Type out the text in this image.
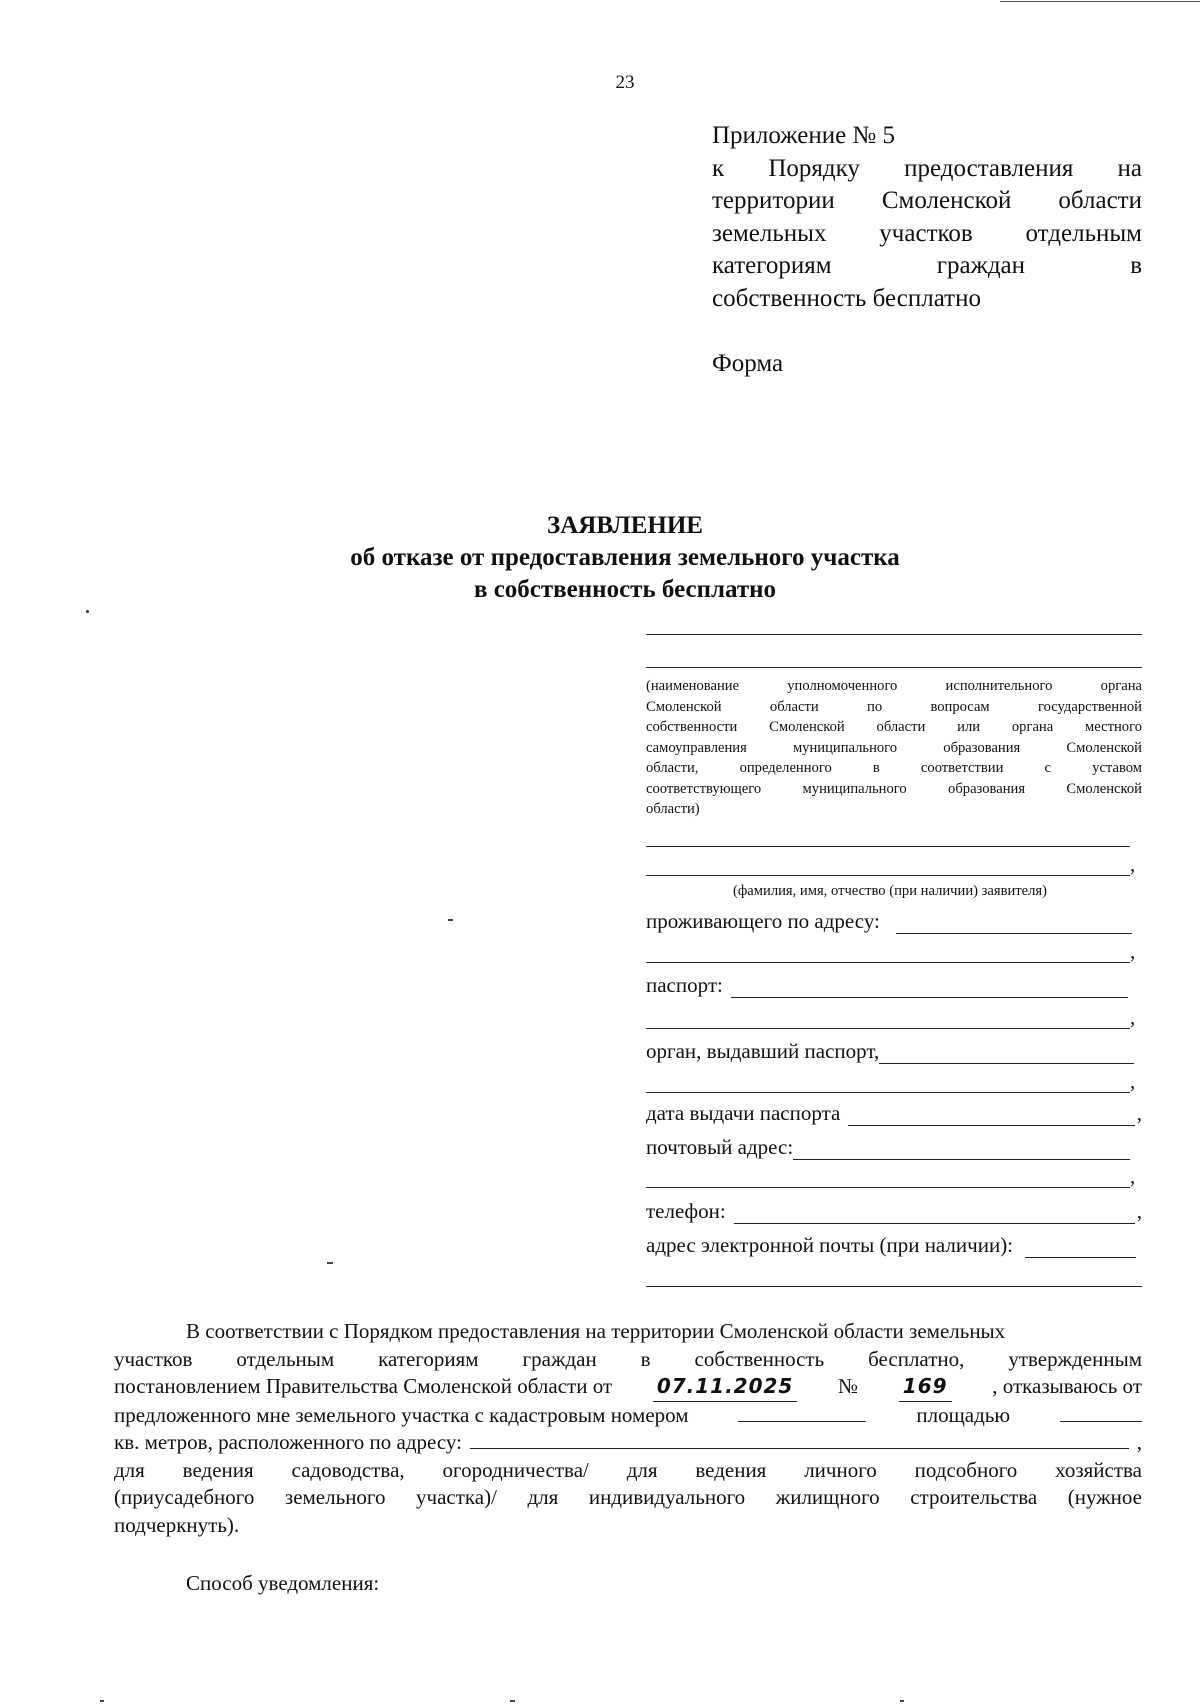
23
Приложение № 5
к Порядку предоставления на
территории Смоленской области
земельных участков отдельным
категориям	граждан	в
собственность бесплатно
Форма
ЗАЯВЛЕНИЕ
об отказе от предоставления земельного участка
в собственность бесплатно
(наименование уполномоченного исполнительного органа
Смоленской области по вопросам государственной
собственности Смоленской области или органа местного
самоуправления муниципального образования Смоленской
области, определенного в соответствии с уставом
соответствующего муниципального образования Смоленской
области)
,
(фамилия, имя, отчество (при наличии) заявителя)
проживающего по адресу:
,
паспорт:
,
орган, выдавший паспорт,
,
дата выдачи паспорта	,
почтовый адрес:
,
телефон:	,
адрес электронной почты (при наличии):
В соответствии с Порядком предоставления на территории Смоленской области земельных
участков отдельным категориям граждан в собственность бесплатно, утвержденным
постановлением Правительства Смоленской области от 07.11.2025 № 169 , отказываюсь от
предложенного мне земельного участка с кадастровым номером	площадью
кв. метров, расположенного по адресу:	,
для ведения садоводства, огородничества/ для ведения личного подсобного хозяйства
(приусадебного земельного участка)/ для индивидуального жилищного строительства (нужное
подчеркнуть).
Способ уведомления:
